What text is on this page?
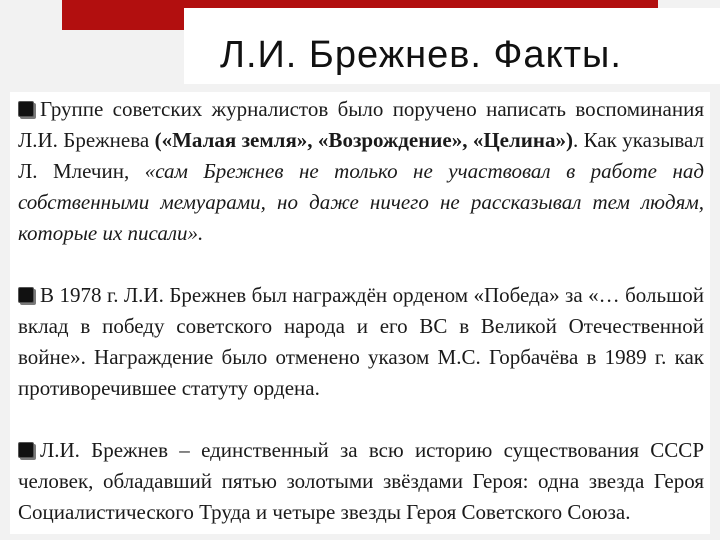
Л.И. Брежнев. Факты.

Группе советских журналистов было поручено написать воспоминания Л.И. Брежнева («Малая земля», «Возрождение», «Целина»). Как указывал Л. Млечин, «сам Брежнев не только не участвовал в работе над собственными мемуарами, но даже ничего не рассказывал тем людям, которые их писали».

В 1978 г. Л.И. Брежнев был награждён орденом «Победа» за «… большой вклад в победу советского народа и его ВС в Великой Отечественной войне». Награждение было отменено указом М.С. Горбачёва в 1989 г. как противоречившее статуту ордена.

Л.И. Брежнев – единственный за всю историю существования СССР человек, обладавший пятью золотыми звёздами Героя: одна звезда Героя Социалистического Труда и четыре звезды Героя Советского Союза.
